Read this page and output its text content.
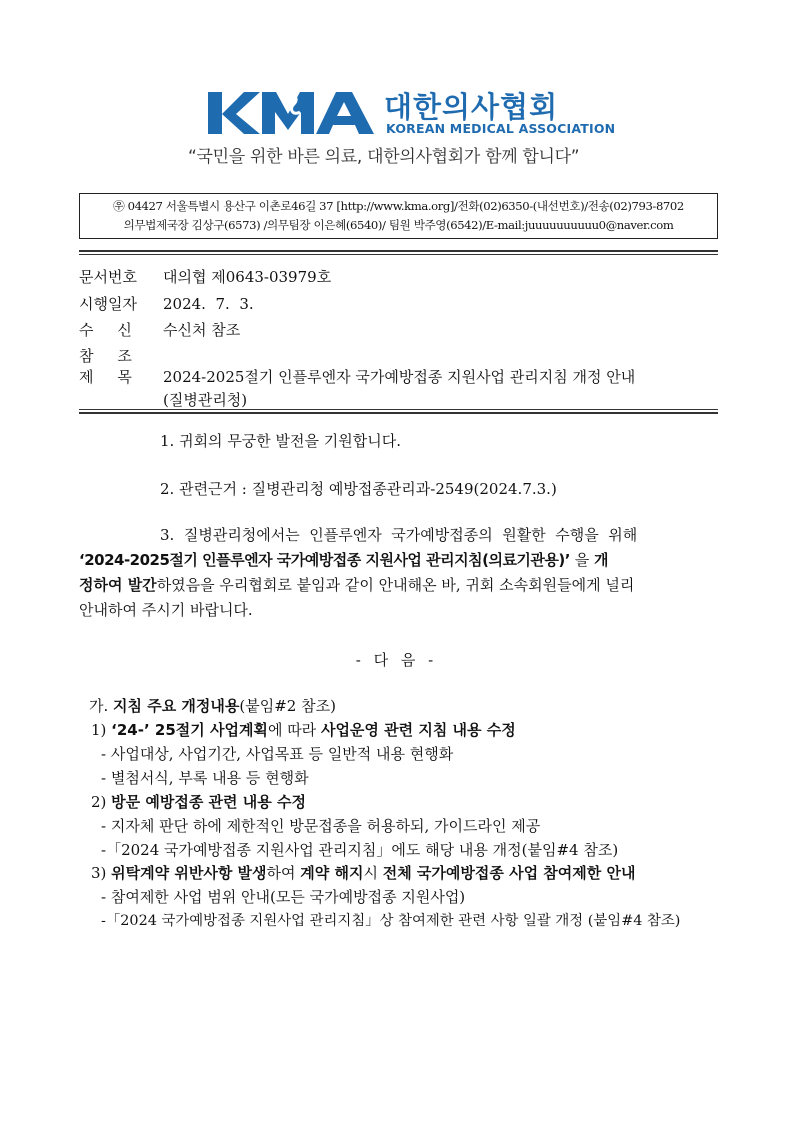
대한의사협회
KOREAN MEDICAL ASSOCIATION
“국민을 위한 바른 의료, 대한의사협회가 함께 합니다”
㉾ 04427 서울특별시 용산구 이촌로46길 37 [http://www.kma.org]/전화(02)6350-(내선번호)/전송(02)793-8702
의무법제국장 김상구(6573) /의무팀장 이은혜(6540)/ 팀원 박주영(6542)/E-mail:juuuuuuuuuu0@naver.com
문서번호 대의협 제0643-03979호
시행일자 2024.  7.  3.
수     신 수신처 참조
참     조
제     목 2024-2025절기 인플루엔자 국가예방접종 지원사업 관리지침 개정 안내
(질병관리청)
1. 귀회의 무궁한 발전을 기원합니다.
2. 관련근거 : 질병관리청 예방접종관리과-2549(2024.7.3.)
3.  질병관리청에서는  인플루엔자  국가예방접종의  원활한  수행을  위해
‘2024-2025절기 인플루엔자 국가예방접종 지원사업 관리지침(의료기관용)’ 을 개
정하여 발간하였음을 우리협회로 붙임과 같이 안내해온 바, 귀회 소속회원들에게 널리
안내하여 주시기 바랍니다.
- 다 음 -
가. 지침 주요 개정내용(붙임#2 참조)
1) ‘24-’ 25절기 사업계획에 따라 사업운영 관련 지침 내용 수정
- 사업대상, 사업기간, 사업목표 등 일반적 내용 현행화
- 별첨서식, 부록 내용 등 현행화
2) 방문 예방접종 관련 내용 수정
- 지자체 판단 하에 제한적인 방문접종을 허용하되, 가이드라인 제공
-「2024 국가예방접종 지원사업 관리지침」에도 해당 내용 개정(붙임#4 참조)
3) 위탁계약 위반사항 발생하여 계약 해지시 전체 국가예방접종 사업 참여제한 안내
- 참여제한 사업 범위 안내(모든 국가예방접종 지원사업)
-「2024 국가예방접종 지원사업 관리지침」상 참여제한 관련 사항 일괄 개정 (붙임#4 참조)
